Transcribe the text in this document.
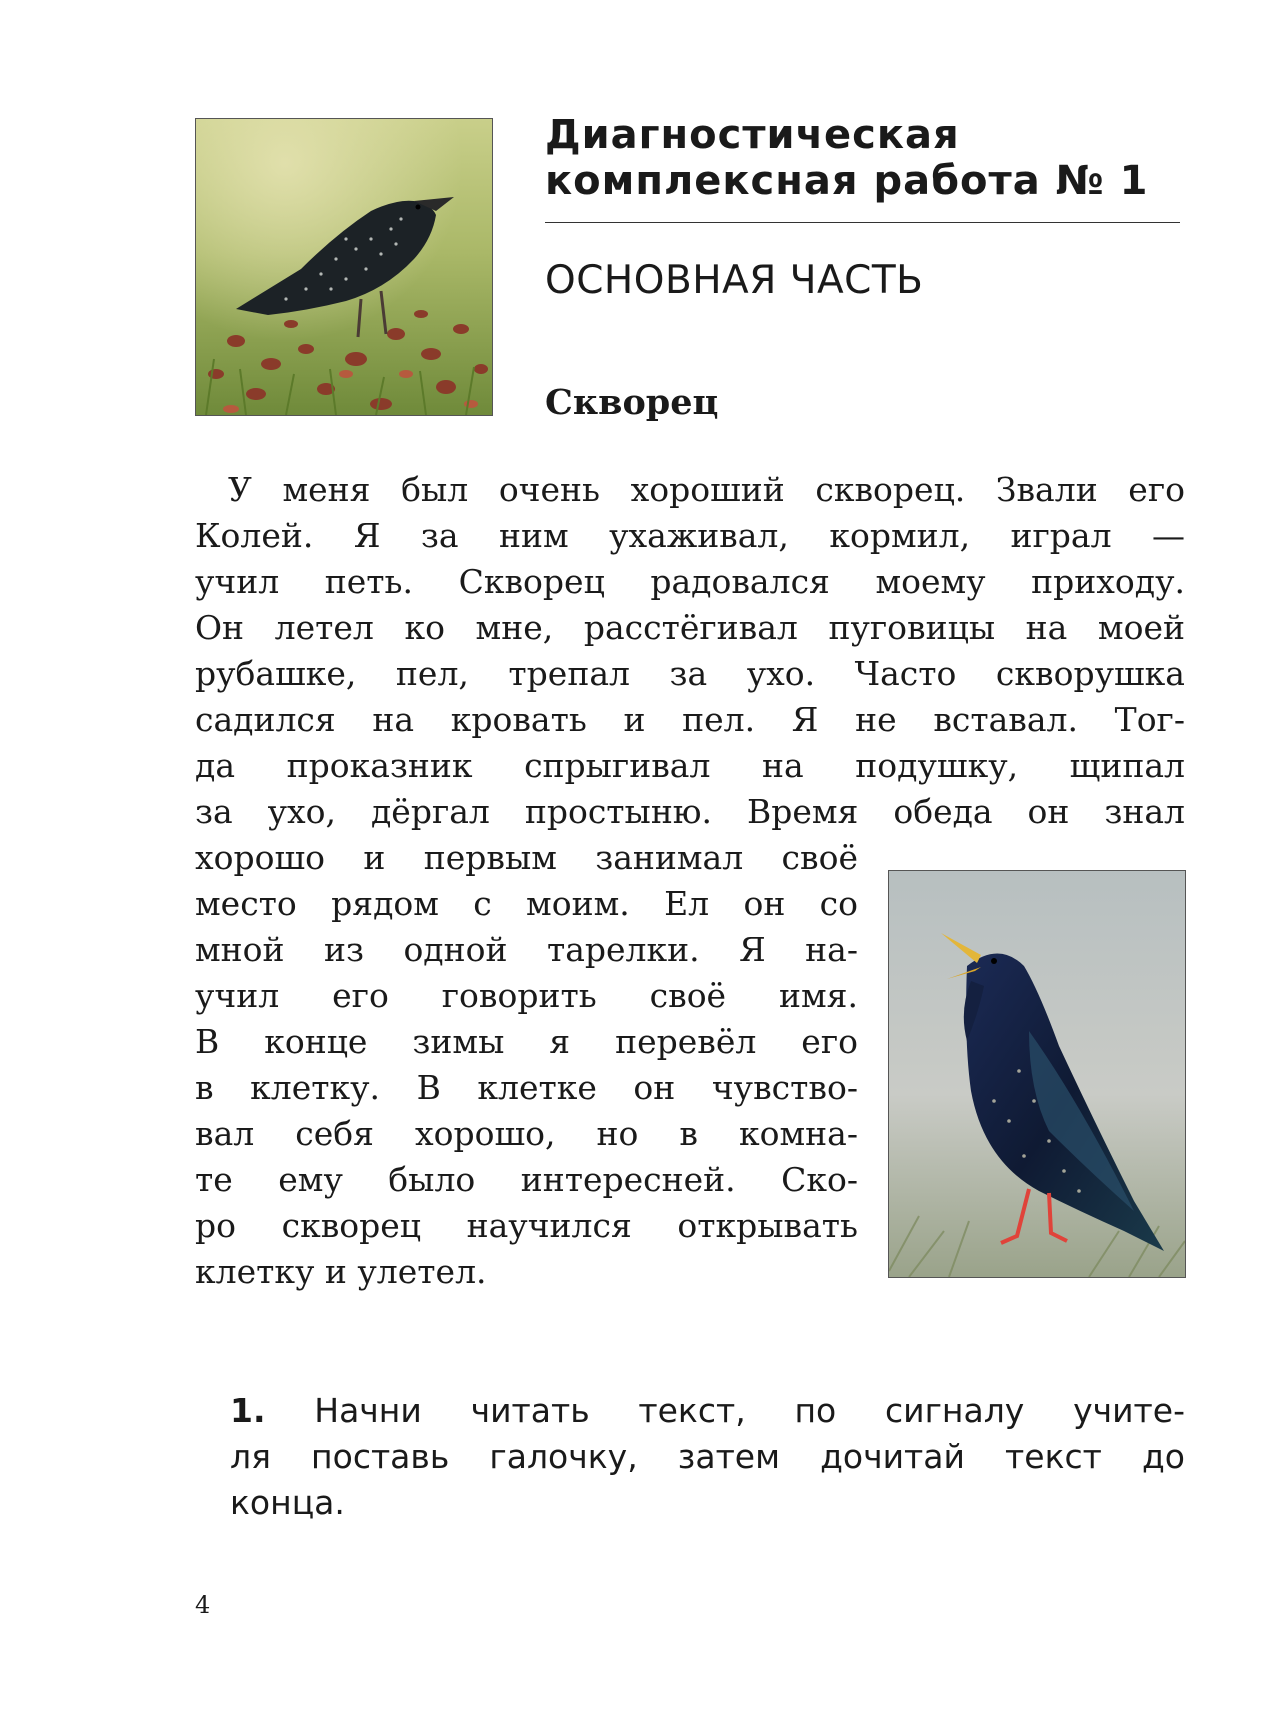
Диагностическая
комплексная работа № 1
ОСНОВНАЯ ЧАСТЬ
Скворец
У меня был очень хороший скворец. Звали его
Колей. Я за ним ухаживал, кормил, играл —
учил петь. Скворец радовался моему приходу.
Он летел ко мне, расстёгивал пуговицы на моей
рубашке, пел, трепал за ухо. Часто скворушка
садился на кровать и пел. Я не вставал. Тог-
да проказник спрыгивал на подушку, щипал
за ухо, дёргал простыню. Время обеда он знал
хорошо и первым занимал своё
место рядом с моим. Ел он со
мной из одной тарелки. Я на-
учил его говорить своё имя.
В конце зимы я перевёл его
в клетку. В клетке он чувство-
вал себя хорошо, но в комна-
те ему было интересней. Ско-
ро скворец научился открывать
клетку и улетел.
1. Начни читать текст, по сигналу учите-
ля поставь галочку, затем дочитай текст до
конца.
4
